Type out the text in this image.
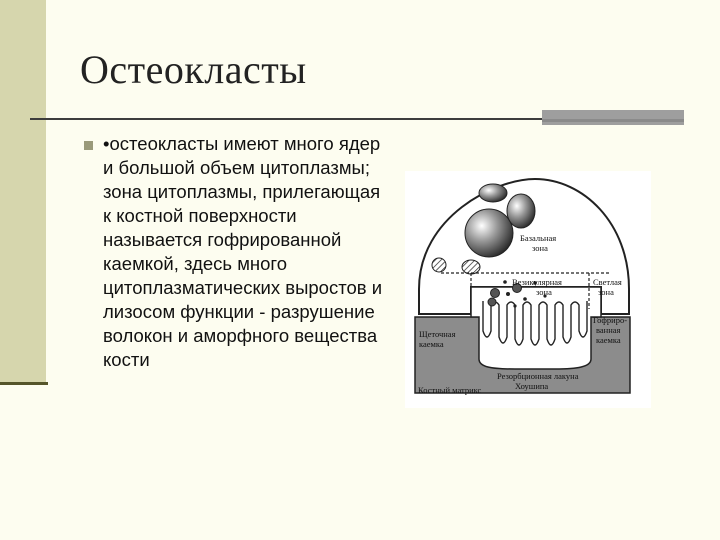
Остеокласты
•остеокласты имеют много ядер и большой объем цитоплазмы; зона цитоплазмы, прилегающая к костной поверхности называется гофрированной каемкой, здесь много цитоплазматических выростов и лизосом функции - разрушение волокон и аморфного вещества кости
Базальная
зона
Везикулярная
зона
Светлая
зона
Гофриро-
ванная
каемка
Щеточная
каемка
Резорбционная лакуна
Хоушипа
Костный матрикс
